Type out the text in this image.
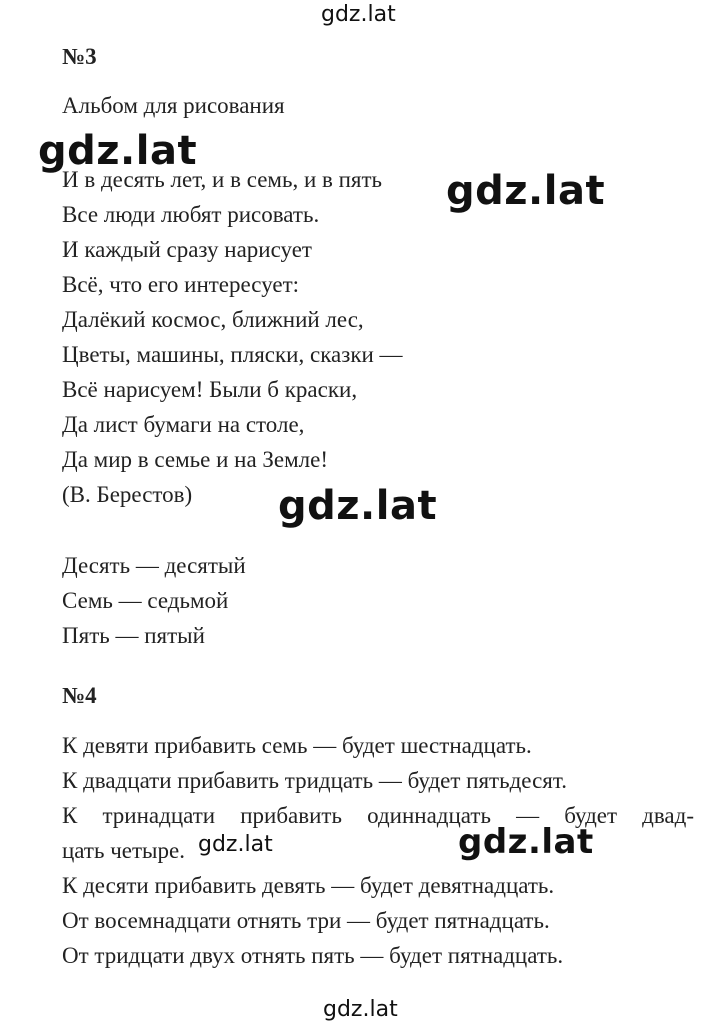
gdz.lat
gdz.lat
gdz.lat
gdz.lat
gdz.lat	gdz.lat
gdz.lat
№3
Альбом для рисования
И в десять лет, и в семь, и в пять
Все люди любят рисовать.
И каждый сразу нарисует
Всё, что его интересует:
Далёкий космос, ближний лес,
Цветы, машины, пляски, сказки —
Всё нарисуем! Были б краски,
Да лист бумаги на столе,
Да мир в семье и на Земле!
(В. Берестов)
Десять — десятый
Семь — седьмой
Пять — пятый
№4
К девяти прибавить семь — будет шестнадцать.
К двадцати прибавить тридцать — будет пятьдесят.
К тринадцати прибавить одиннадцать — будет двад-
цать четыре.
К десяти прибавить девять — будет девятнадцать.
От восемнадцати отнять три — будет пятнадцать.
От тридцати двух отнять пять — будет пятнадцать.
